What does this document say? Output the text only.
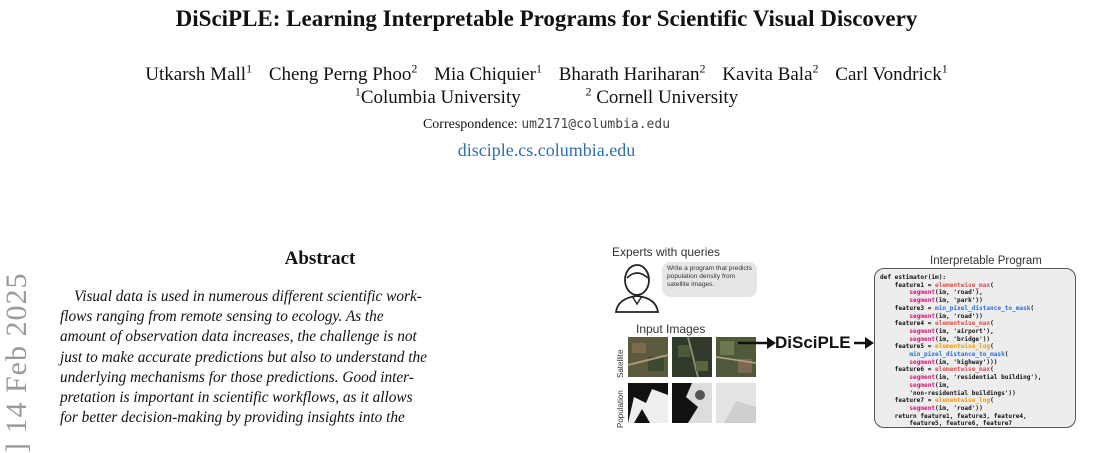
DiSciPLE: Learning Interpretable Programs for Scientific Visual Discovery
Utkarsh Mall$^1$ Cheng Perng Phoo$^2$ Mia Chiquier$^1$ Bharath Hariharan$^2$ Kavita Bala$^2$ Carl Vondrick$^1$
$^1$Columbia University	$^2$ Cornell University
Correspondence: um2171@columbia.edu
disciple.cs.columbia.edu
] 14 Feb 2025
Abstract
Visual data is used in numerous different scientific work-
flows ranging from remote sensing to ecology. As the
amount of observation data increases, the challenge is not
just to make accurate predictions but also to understand the
underlying mechanisms for those predictions. Good inter-
pretation is important in scientific workflows, as it allows
for better decision-making by providing insights into the
Experts with queries
Write a program that predicts population density from satellite images.
Input Images
Satellite
Population
DiSciPLE
Interpretable Program
def estimator(im):
feature1 = elementwise_max(
segment(im, 'road'),
segment(im, 'park'))
feature3 = min_pixel_distance_to_mask(
segment(im, 'road'))
feature4 = elementwise_max(
segment(im, 'airport'),
segment(im, 'bridge'))
feature5 = elementwise_log(
min_pixel_distance_to_mask(
segment(im, 'highway')))
feature6 = elementwise_max(
segment(im, 'residential building'),
segment(im,
'non-residential buildings'))
feature7 = elementwise_log(
segment(im, 'road'))
return feature1, feature3, feature4,
feature5, feature6, feature7
